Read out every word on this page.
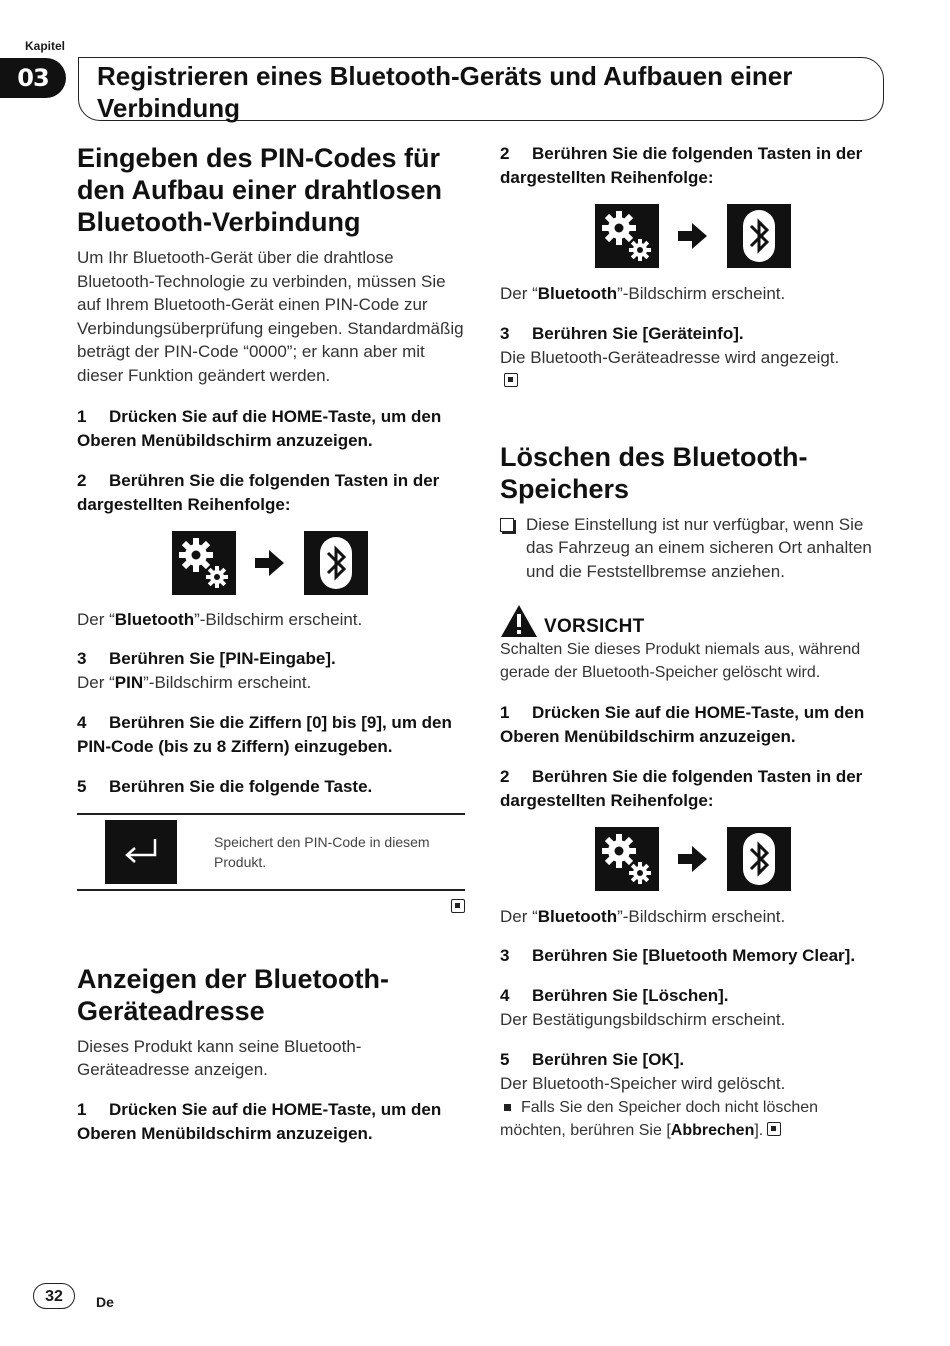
Kapitel
03	Registrieren eines Bluetooth-Geräts und Aufbauen einer Verbindung
Eingeben des PIN-Codes für den Aufbau einer drahtlosen Bluetooth-Verbindung

Um Ihr Bluetooth-Gerät über die drahtlose Bluetooth-Technologie zu verbinden, müssen Sie auf Ihrem Bluetooth-Gerät einen PIN-Code zur Verbindungsüberprüfung eingeben. Standardmäßig beträgt der PIN-Code “0000”; er kann aber mit dieser Funktion geändert werden.

1 Drücken Sie auf die HOME-Taste, um den Oberen Menübildschirm anzuzeigen.
2 Berühren Sie die folgenden Tasten in der dargestellten Reihenfolge:

Der “Bluetooth”-Bildschirm erscheint.

3 Berühren Sie [PIN-Eingabe].

Der “PIN”-Bildschirm erscheint.

4 Berühren Sie die Ziffern [0] bis [9], um den PIN-Code (bis zu 8 Ziffern) einzugeben.
5 Berühren Sie die folgende Taste.
Speichert den PIN-Code in diesem Produkt.
Anzeigen der Bluetooth-Geräteadresse

Dieses Produkt kann seine Bluetooth-Geräteadresse anzeigen.

1 Drücken Sie auf die HOME-Taste, um den Oberen Menübildschirm anzuzeigen.
2 Berühren Sie die folgenden Tasten in der dargestellten Reihenfolge:

Der “Bluetooth”-Bildschirm erscheint.

3 Berühren Sie [Geräteinfo].

Die Bluetooth-Geräteadresse wird angezeigt.

Löschen des Bluetooth-Speichers

Diese Einstellung ist nur verfügbar, wenn Sie das Fahrzeug an einem sicheren Ort anhalten und die Feststellbremse anziehen.

VORSICHT

Schalten Sie dieses Produkt niemals aus, während gerade der Bluetooth-Speicher gelöscht wird.

1 Drücken Sie auf die HOME-Taste, um den Oberen Menübildschirm anzuzeigen.
2 Berühren Sie die folgenden Tasten in der dargestellten Reihenfolge:

Der “Bluetooth”-Bildschirm erscheint.

3 Berühren Sie [Bluetooth Memory Clear].
4 Berühren Sie [Löschen].

Der Bestätigungsbildschirm erscheint.

5 Berühren Sie [OK].

Der Bluetooth-Speicher wird gelöscht.

Falls Sie den Speicher doch nicht löschen möchten, berühren Sie [Abbrechen].
32	De
